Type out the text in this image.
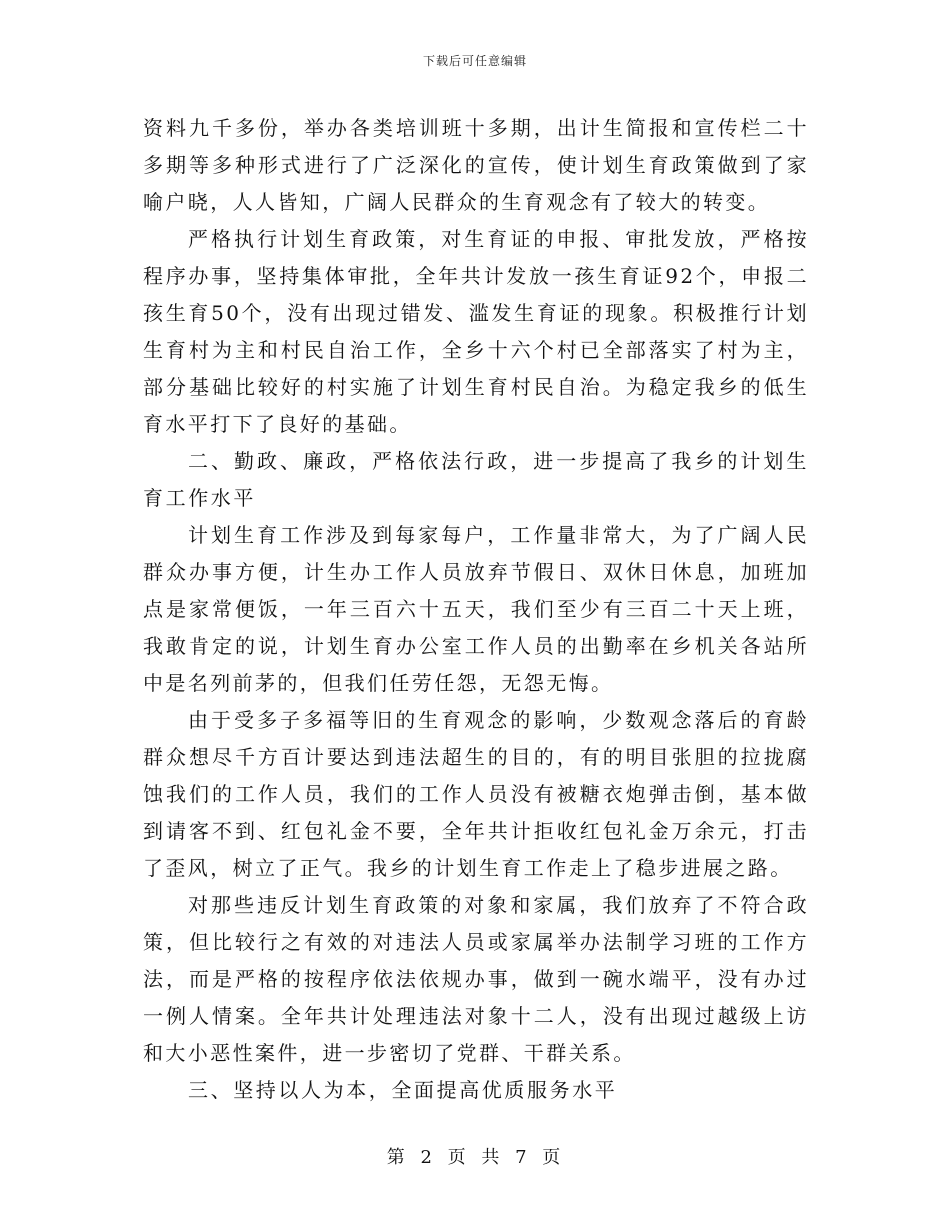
下载后可任意编辑

资料九千多份，举办各类培训班十多期，出计生简报和宣传栏二十多期等多种形式进行了广泛深化的宣传，使计划生育政策做到了家喻户晓，人人皆知，广阔人民群众的生育观念有了较大的转变。

严格执行计划生育政策，对生育证的申报、审批发放，严格按程序办事，坚持集体审批，全年共计发放一孩生育证92个，申报二孩生育50个，没有出现过错发、滥发生育证的现象。积极推行计划生育村为主和村民自治工作，全乡十六个村已全部落实了村为主，部分基础比较好的村实施了计划生育村民自治。为稳定我乡的低生育水平打下了良好的基础。

二、勤政、廉政，严格依法行政，进一步提高了我乡的计划生育工作水平

计划生育工作涉及到每家每户，工作量非常大，为了广阔人民群众办事方便，计生办工作人员放弃节假日、双休日休息，加班加点是家常便饭，一年三百六十五天，我们至少有三百二十天上班，我敢肯定的说，计划生育办公室工作人员的出勤率在乡机关各站所中是名列前茅的，但我们任劳任怨，无怨无悔。

由于受多子多福等旧的生育观念的影响，少数观念落后的育龄群众想尽千方百计要达到违法超生的目的，有的明目张胆的拉拢腐蚀我们的工作人员，我们的工作人员没有被糖衣炮弹击倒，基本做到请客不到、红包礼金不要，全年共计拒收红包礼金万余元，打击了歪风，树立了正气。我乡的计划生育工作走上了稳步进展之路。

对那些违反计划生育政策的对象和家属，我们放弃了不符合政策，但比较行之有效的对违法人员或家属举办法制学习班的工作方法，而是严格的按程序依法依规办事，做到一碗水端平，没有办过一例人情案。全年共计处理违法对象十二人，没有出现过越级上访和大小恶性案件，进一步密切了党群、干群关系。

三、坚持以人为本，全面提高优质服务水平

第 2 页 共 7 页
